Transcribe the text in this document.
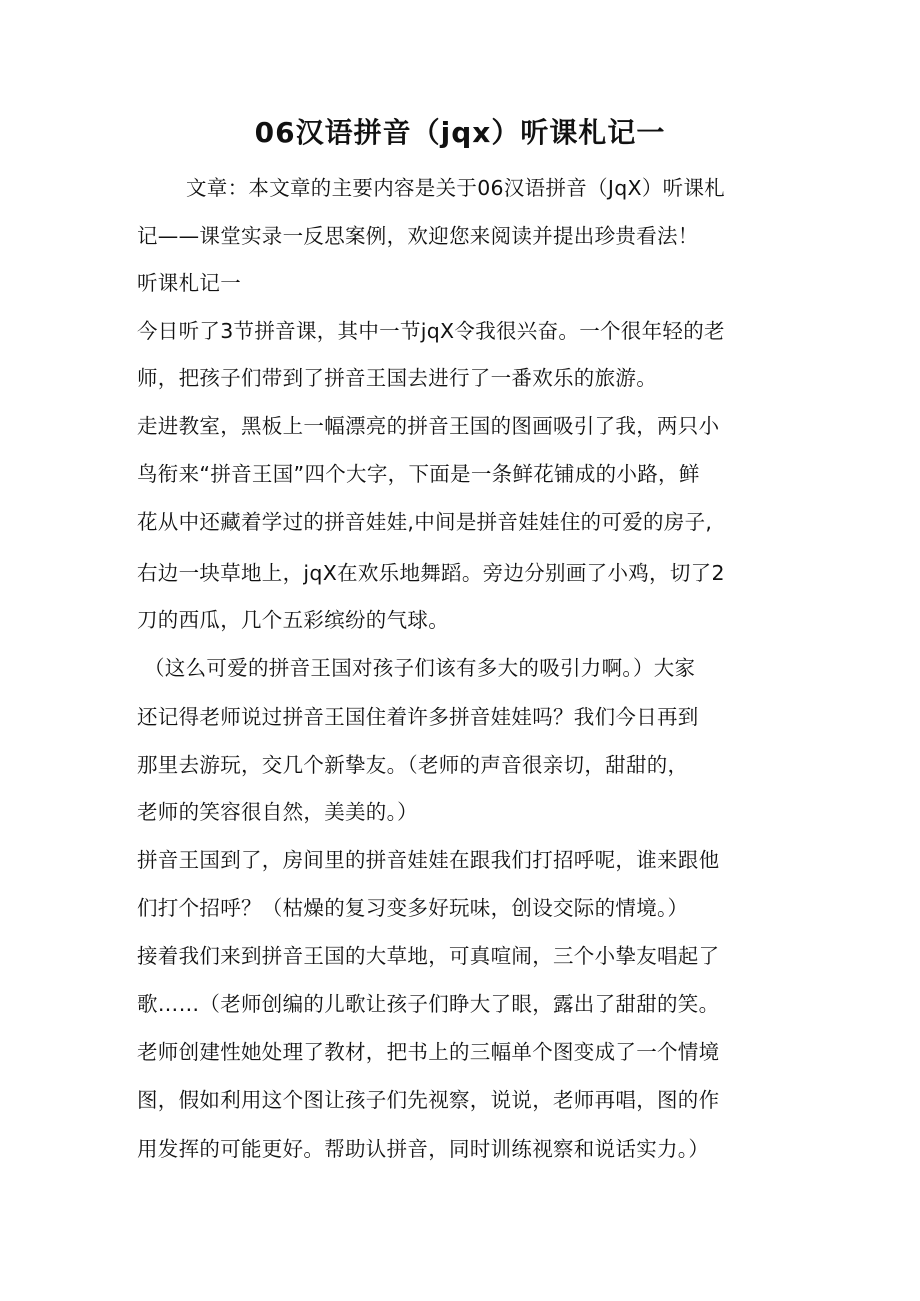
06汉语拼音（jqx）听课札记一
文章：本文章的主要内容是关于06汉语拼音（JqX）听课札
记——课堂实录一反思案例，欢迎您来阅读并提出珍贵看法！
听课札记一
今日听了3节拼音课，其中一节jqX令我很兴奋。一个很年轻的老
师，把孩子们带到了拼音王国去进行了一番欢乐的旅游。
走进教室，黑板上一幅漂亮的拼音王国的图画吸引了我，两只小
鸟衔来“拼音王国”四个大字，下面是一条鲜花铺成的小路，鲜
花从中还藏着学过的拼音娃娃,中间是拼音娃娃住的可爱的房子,
右边一块草地上，jqX在欢乐地舞蹈。旁边分别画了小鸡，切了2
刀的西瓜，几个五彩缤纷的气球。
（这么可爱的拼音王国对孩子们该有多大的吸引力啊。）大家
还记得老师说过拼音王国住着许多拼音娃娃吗？我们今日再到
那里去游玩，交几个新挚友。（老师的声音很亲切，甜甜的，
老师的笑容很自然，美美的。）
拼音王国到了，房间里的拼音娃娃在跟我们打招呼呢，谁来跟他
们打个招呼？（枯燥的复习变多好玩味，创设交际的情境。）
接着我们来到拼音王国的大草地，可真喧闹，三个小挚友唱起了
歌……（老师创编的儿歌让孩子们睁大了眼，露出了甜甜的笑。
老师创建性她处理了教材，把书上的三幅单个图变成了一个情境
图，假如利用这个图让孩子们先视察，说说，老师再唱，图的作
用发挥的可能更好。帮助认拼音，同时训练视察和说话实力。）
